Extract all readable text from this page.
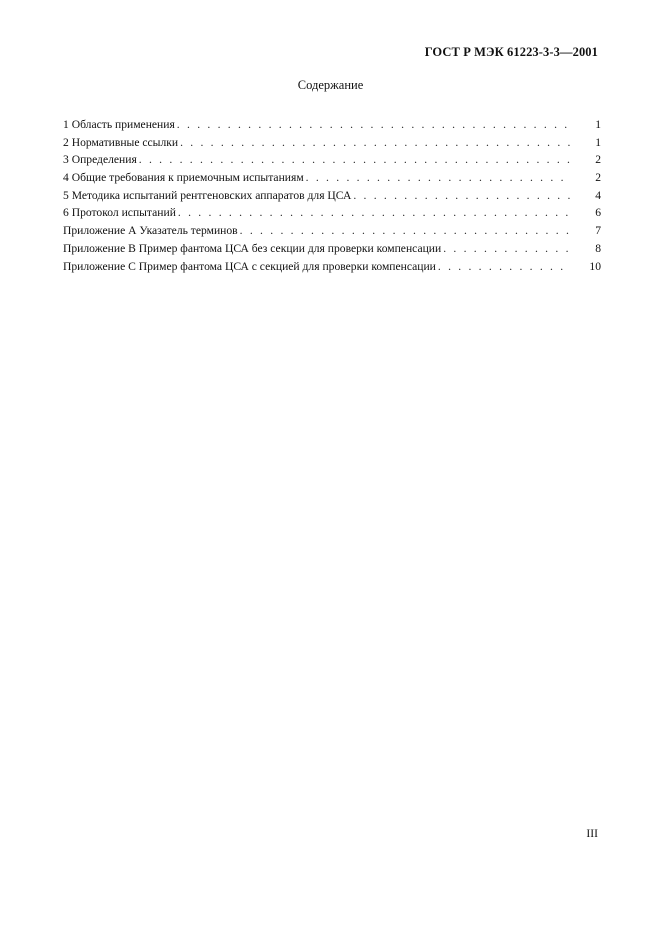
ГОСТ Р МЭК 61223-3-3—2001
Содержание
1 Область применения . . .	1
2 Нормативные ссылки . . .	1
3 Определения . . .	2
4 Общие требования к приемочным испытаниям . . .	2
5 Методика испытаний рентгеновских аппаратов для ЦСА . . .	4
6 Протокол испытаний . . .	6
Приложение А Указатель терминов . . .	7
Приложение В Пример фантома ЦСА без секции для проверки компенсации . . .	8
Приложение С Пример фантома ЦСА с секцией для проверки компенсации . . .	10
III
